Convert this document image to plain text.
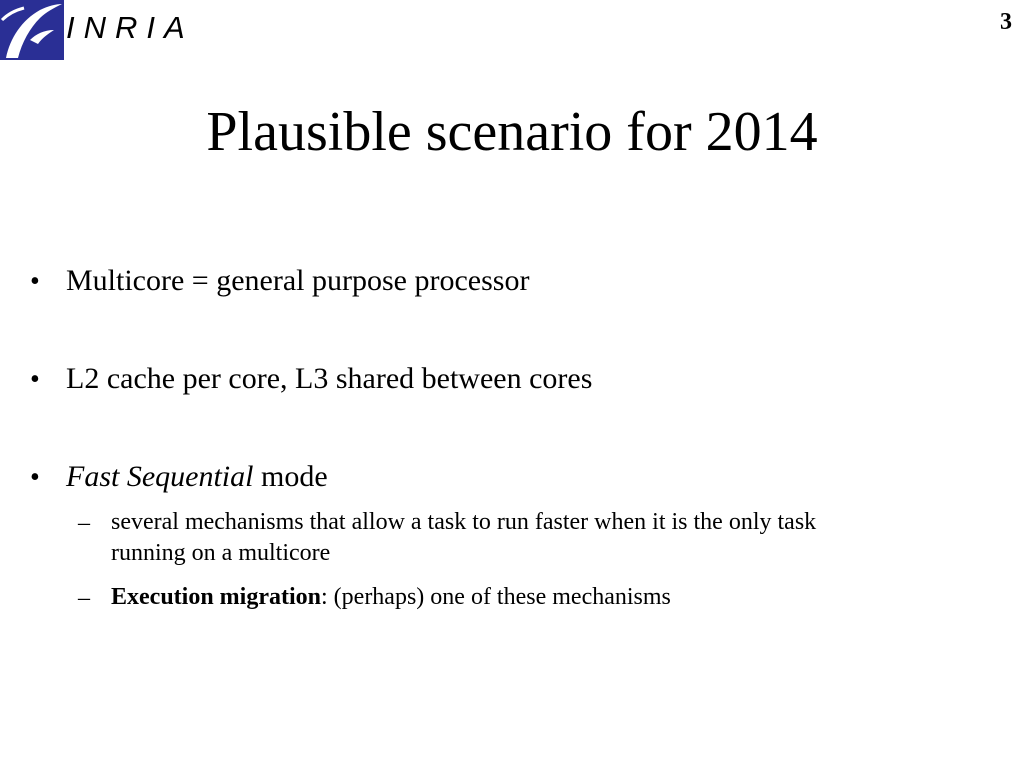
INRIA	3
Plausible scenario for 2014
• Multicore = general purpose processor
• L2 cache per core, L3 shared between cores
• Fast Sequential mode
– several mechanisms that allow a task to run faster when it is the only task
running on a multicore
– Execution migration: (perhaps) one of these mechanisms
